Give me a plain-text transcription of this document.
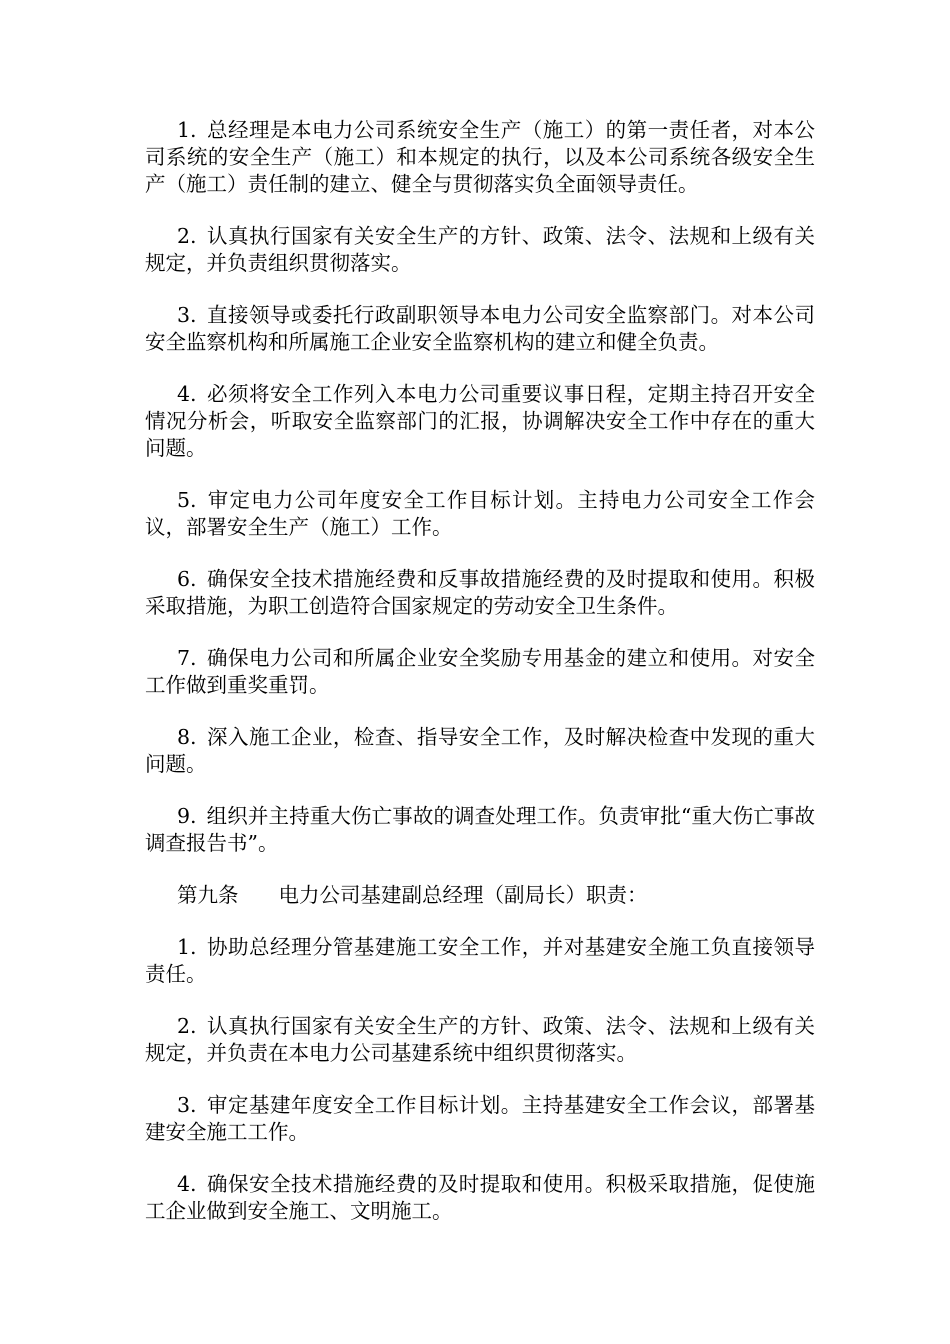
1. 总经理是本电力公司系统安全生产（施工）的第一责任者，对本公司系统的安全生产（施工）和本规定的执行，以及本公司系统各级安全生产（施工）责任制的建立、健全与贯彻落实负全面领导责任。

2. 认真执行国家有关安全生产的方针、政策、法令、法规和上级有关规定，并负责组织贯彻落实。

3. 直接领导或委托行政副职领导本电力公司安全监察部门。对本公司安全监察机构和所属施工企业安全监察机构的建立和健全负责。

4. 必须将安全工作列入本电力公司重要议事日程，定期主持召开安全情况分析会，听取安全监察部门的汇报，协调解决安全工作中存在的重大问题。

5. 审定电力公司年度安全工作目标计划。主持电力公司安全工作会议，部署安全生产（施工）工作。

6. 确保安全技术措施经费和反事故措施经费的及时提取和使用。积极采取措施，为职工创造符合国家规定的劳动安全卫生条件。

7. 确保电力公司和所属企业安全奖励专用基金的建立和使用。对安全工作做到重奖重罚。

8. 深入施工企业，检查、指导安全工作，及时解决检查中发现的重大问题。

9. 组织并主持重大伤亡事故的调查处理工作。负责审批“重大伤亡事故调查报告书”。

第九条 电力公司基建副总经理（副局长）职责：

1. 协助总经理分管基建施工安全工作，并对基建安全施工负直接领导责任。

2. 认真执行国家有关安全生产的方针、政策、法令、法规和上级有关规定，并负责在本电力公司基建系统中组织贯彻落实。

3. 审定基建年度安全工作目标计划。主持基建安全工作会议，部署基建安全施工工作。

4. 确保安全技术措施经费的及时提取和使用。积极采取措施，促使施工企业做到安全施工、文明施工。
